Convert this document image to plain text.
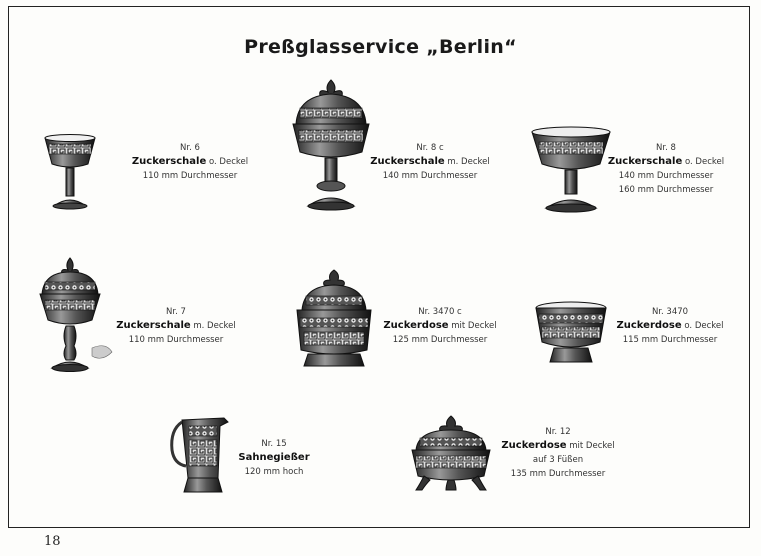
Preßglasservice „Berlin“
Nr. 6
Zuckerschale o. Deckel
110 mm Durchmesser
Nr. 8 c
Zuckerschale m. Deckel
140 mm Durchmesser
Nr. 8
Zuckerschale o. Deckel
140 mm Durchmesser
160 mm Durchmesser
Nr. 7
Zuckerschale m. Deckel
110 mm Durchmesser
Nr. 3470 c
Zuckerdose mit Deckel
125 mm Durchmesser
Nr. 3470
Zuckerdose o. Deckel
115 mm Durchmesser
Nr. 15
Sahnegießer
120 mm hoch
Nr. 12
Zuckerdose mit Deckel
auf 3 Füßen
135 mm Durchmesser
18
